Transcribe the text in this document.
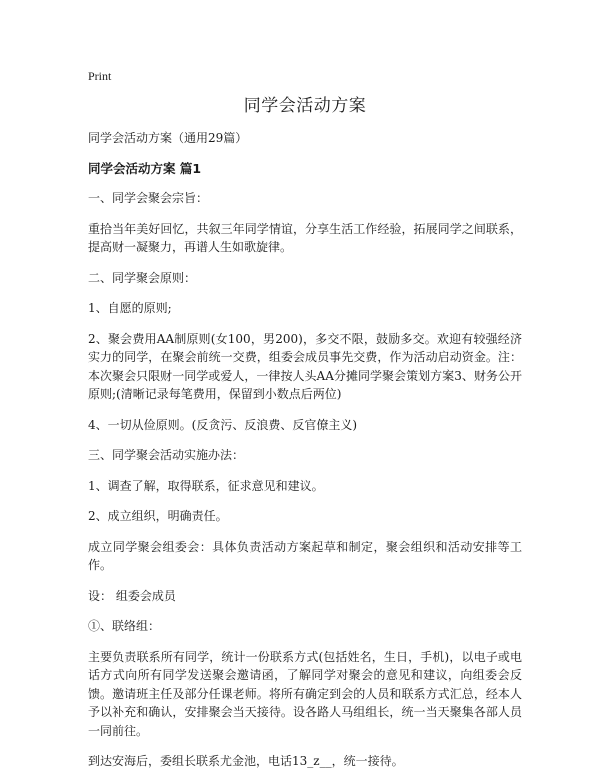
Print
同学会活动方案

同学会活动方案（通用29篇）

同学会活动方案 篇1

一、同学会聚会宗旨：

重拾当年美好回忆，共叙三年同学情谊，分享生活工作经验，拓展同学之间联系，提高财一凝聚力，再谱人生如歌旋律。

二、同学聚会原则：

1、自愿的原则;

2、聚会费用AA制原则(女100，男200)，多交不限，鼓励多交。欢迎有较强经济实力的同学，在聚会前统一交费，组委会成员事先交费，作为活动启动资金。注：本次聚会只限财一同学或爱人，一律按人头AA分摊同学聚会策划方案3、财务公开原则;(清晰记录每笔费用，保留到小数点后两位)

4、一切从俭原则。(反贪污、反浪费、反官僚主义)

三、同学聚会活动实施办法：

1、调查了解，取得联系，征求意见和建议。

2、成立组织，明确责任。

成立同学聚会组委会：具体负责活动方案起草和制定，聚会组织和活动安排等工作。

设： 组委会成员

①、联络组：

主要负责联系所有同学，统计一份联系方式(包括姓名，生日，手机)，以电子或电话方式向所有同学发送聚会邀请函，了解同学对聚会的意见和建议，向组委会反馈。邀请班主任及部分任课老师。将所有确定到会的人员和联系方式汇总，经本人予以补充和确认，安排聚会当天接待。设各路人马组组长，统一当天聚集各部人员一同前往。

到达安海后，委组长联系尤金池，电话13_z__，统一接待。
